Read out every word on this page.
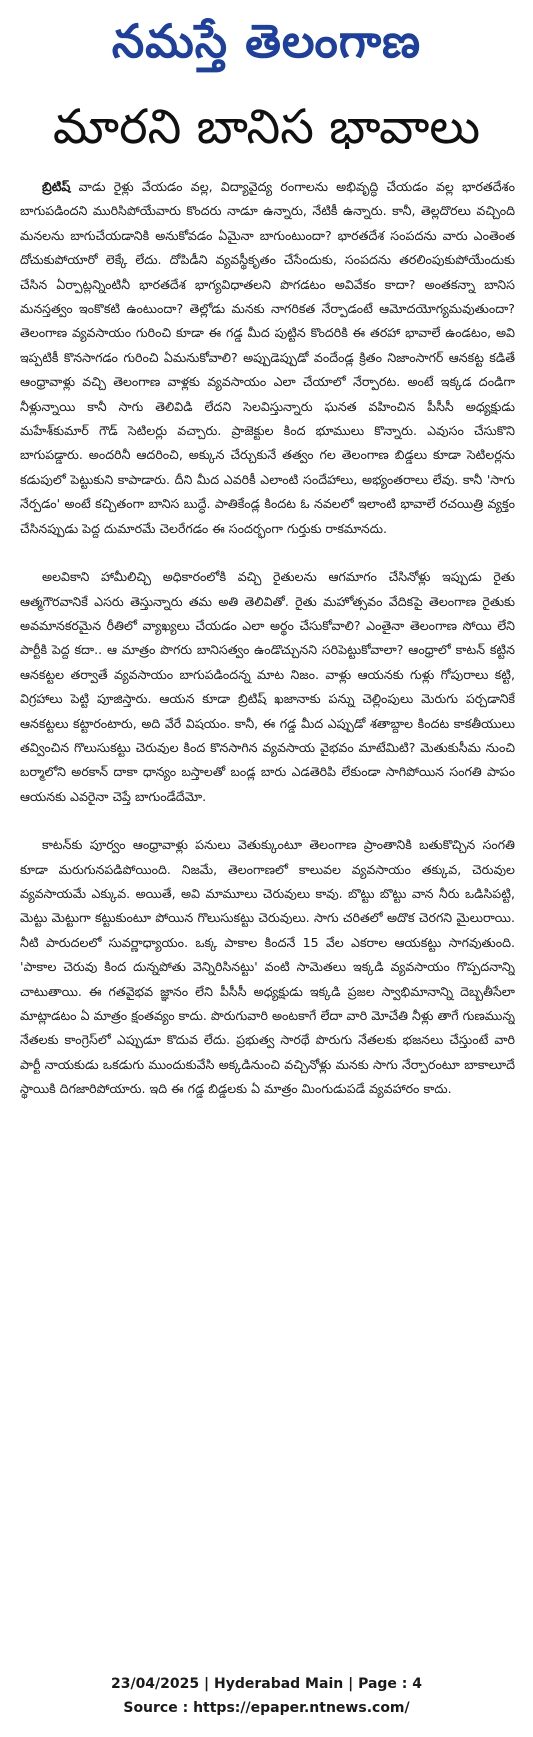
నమస్తే తెలంగాణ
మారని బానిస భావాలు

బ్రిటిష్ వాడు రైళ్లు వేయడం వల్ల, విద్యావైద్య రంగాలను అభివృద్ధి చేయడం వల్ల భారతదేశం బాగుపడిందని మురిసిపోయేవారు కొందరు నాడూ ఉన్నారు, నేటికీ ఉన్నారు. కానీ, తెల్లదొరలు వచ్చింది మనలను బాగుచేయడానికి అనుకోవడం ఏమైనా బాగుంటుందా? భారతదేశ సంపదను వారు ఎంతెంత దోచుకుపోయారో లెక్కే లేదు. దోపిడీని వ్యవస్థీకృతం చేసేందుకు, సంపదను తరలింపుకుపోయేందుకు చేసిన ఏర్పాట్లన్నింటినీ భారతదేశ భాగ్యవిధాతలని పొగడటం అవివేకం కాదా? అంతకన్నా బానిస మనస్తత్వం ఇంకొకటి ఉంటుందా? తెల్లోడు మనకు నాగరికత నేర్పాడంటే ఆమోదయోగ్యమవుతుందా? తెలంగాణ వ్యవసాయం గురించి కూడా ఈ గడ్డ మీద పుట్టిన కొందరికి ఈ తరహా భావాలే ఉండటం, అవి ఇప్పటికీ కొనసాగడం గురించి ఏమనుకోవాలి? అప్పుడెప్పుడో వందేండ్ల క్రితం నిజాంసాగర్ ఆనకట్ట కడితే ఆంధ్రావాళ్లు వచ్చి తెలంగాణ వాళ్లకు వ్యవసాయం ఎలా చేయాలో నేర్పారట. అంటే ఇక్కడ దండిగా నీళ్లున్నాయి కానీ సాగు తెలివిడి లేదని సెలవిస్తున్నారు ఘనత వహించిన పీసీసీ అధ్యక్షుడు మహేశ్‌కుమార్ గౌడ్ సెటిలర్లు వచ్చారు. ప్రాజెక్టుల కింద భూములు కొన్నారు. ఎవుసం చేసుకొని బాగుపడ్డారు. అందరినీ ఆదరించి, అక్కున చేర్చుకునే తత్వం గల తెలంగాణ బిడ్డలు కూడా సెటిలర్లను కడుపులో పెట్టుకుని కాపాడారు. దీని మీద ఎవరికీ ఎలాంటి సందేహాలు, అభ్యంతరాలు లేవు. కానీ 'సాగు నేర్పడం' అంటే కచ్చితంగా బానిస బుద్ధే. పాతికేండ్ల కిందట ఓ నవలలో ఇలాంటి భావాలే రచయిత్రి వ్యక్తం చేసినప్పుడు పెద్ద దుమారమే చెలరేగడం ఈ సందర్భంగా గుర్తుకు రాకమానదు.

అలవికాని హామీలిచ్చి అధికారంలోకి వచ్చి రైతులను ఆగమాగం చేసినోళ్లు ఇప్పుడు రైతు ఆత్మగౌరవానికే ఎసరు తెస్తున్నారు తమ అతి తెలివితో. రైతు మహోత్సవం వేదికపై తెలంగాణ రైతుకు అవమానకరమైన రీతిలో వ్యాఖ్యలు చేయడం ఎలా అర్థం చేసుకోవాలి? ఎంతైనా తెలంగాణ సోయి లేని పార్టీకి పెద్ద కదా.. ఆ మాత్రం పొగరు బానిసత్వం ఉండొచ్చునని సరిపెట్టుకోవాలా? ఆంధ్రాలో కాటన్ కట్టిన ఆనకట్టల తర్వాతే వ్యవసాయం బాగుపడిందన్న మాట నిజం. వాళ్లు ఆయనకు గుళ్లు గోపురాలు కట్టి, విగ్రహాలు పెట్టి పూజిస్తారు. ఆయన కూడా బ్రిటిష్ ఖజానాకు పన్ను చెల్లింపులు మెరుగు పర్చడానికే ఆనకట్టలు కట్టారంటారు, అది వేరే విషయం. కానీ, ఈ గడ్డ మీద ఎప్పుడో శతాబ్దాల కిందట కాకతీయులు తవ్వించిన గొలుసుకట్టు చెరువుల కింద కొనసాగిన వ్యవసాయ వైభవం మాటేమిటి? మెతుకుసీమ నుంచి బర్మాలోని అరకాన్ దాకా ధాన్యం బస్తాలతో బండ్ల బారు ఎడతెరిపి లేకుండా సాగిపోయిన సంగతి పాపం ఆయనకు ఎవరైనా చెప్తే బాగుండేదేమో.

కాటన్‌కు పూర్వం ఆంధ్రావాళ్లు పనులు వెతుక్కుంటూ తెలంగాణ ప్రాంతానికి బతుకొచ్చిన సంగతి కూడా మరుగునపడిపోయింది. నిజమే, తెలంగాణలో కాలువల వ్యవసాయం తక్కువ, చెరువుల వ్యవసాయమే ఎక్కువ. అయితే, అవి మామూలు చెరువులు కావు. బొట్టు బొట్టు వాన నీరు ఒడిసిపట్టి, మెట్టు మెట్టుగా కట్టుకుంటూ పోయిన గొలుసుకట్టు చెరువులు. సాగు చరితలో అదొక చెరగని మైలురాయి. నీటి పారుదలలో సువర్ణాధ్యాయం. ఒక్క పాకాల కిందనే 15 వేల ఎకరాల ఆయకట్టు సాగవుతుంది. 'పాకాల చెరువు కింద దున్నపోతు వెన్నిరిసినట్టు' వంటి సామెతలు ఇక్కడి వ్యవసాయం గొప్పదనాన్ని చాటుతాయి. ఈ గతవైభవ జ్ఞానం లేని పీసీసీ అధ్యక్షుడు ఇక్కడి ప్రజల స్వాభిమానాన్ని దెబ్బతీసేలా మాట్లాడటం ఏ మాత్రం క్షంతవ్యం కాదు. పొరుగువారి అంటకాగే లేదా వారి మోచేతి నీళ్లు తాగే గుణమున్న నేతలకు కాంగ్రెస్‌లో ఎప్పుడూ కొదువ లేదు. ప్రభుత్వ సారథే పొరుగు నేతలకు భజనలు చేస్తుంటే వారి పార్టీ నాయకుడు ఒకడుగు ముందుకువేసి అక్కడినుంచి వచ్చినోళ్లు మనకు సాగు నేర్పారంటూ బాకాలూదే స్థాయికి దిగజారిపోయారు. ఇది ఈ గడ్డ బిడ్డలకు ఏ మాత్రం మింగుడుపడే వ్యవహారం కాదు.

23/04/2025 | Hyderabad Main | Page : 4
Source : https://epaper.ntnews.com/
